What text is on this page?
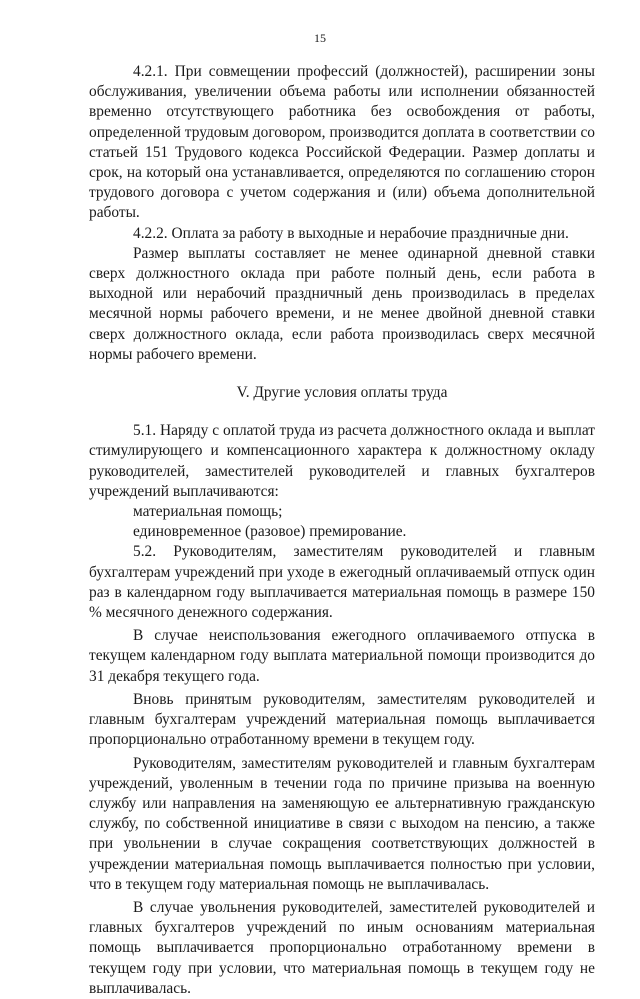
15

4.2.1. При совмещении профессий (должностей), расширении зоны обслуживания, увеличении объема работы или исполнении обязанностей временно отсутствующего работника без освобождения от работы, определенной трудовым договором, производится доплата в соответствии со статьей 151 Трудового кодекса Российской Федерации. Размер доплаты и срок, на который она устанавливается, определяются по соглашению сторон трудового договора с учетом содержания и (или) объема дополнительной работы.

4.2.2. Оплата за работу в выходные и нерабочие праздничные дни.

Размер выплаты составляет не менее одинарной дневной ставки сверх должностного оклада при работе полный день, если работа в выходной или нерабочий праздничный день производилась в пределах месячной нормы рабочего времени, и не менее двойной дневной ставки сверх должностного оклада, если работа производилась сверх месячной нормы рабочего времени.

V. Другие условия оплаты труда

5.1. Наряду с оплатой труда из расчета должностного оклада и выплат стимулирующего и компенсационного характера к должностному окладу руководителей, заместителей руководителей и главных бухгалтеров учреждений выплачиваются:

материальная помощь;

единовременное (разовое) премирование.

5.2. Руководителям, заместителям руководителей и главным бухгалтерам учреждений при уходе в ежегодный оплачиваемый отпуск один раз в календарном году выплачивается материальная помощь в размере 150 % месячного денежного содержания.

В случае неиспользования ежегодного оплачиваемого отпуска в текущем календарном году выплата материальной помощи производится до 31 декабря текущего года.

Вновь принятым руководителям, заместителям руководителей и главным бухгалтерам учреждений материальная помощь выплачивается пропорционально отработанному времени в текущем году.

Руководителям, заместителям руководителей и главным бухгалтерам учреждений, уволенным в течении года по причине призыва на военную службу или направления на заменяющую ее альтернативную гражданскую службу, по собственной инициативе в связи с выходом на пенсию, а также при увольнении в случае сокращения соответствующих должностей в учреждении материальная помощь выплачивается полностью при условии, что в текущем году материальная помощь не выплачивалась.

В случае увольнения руководителей, заместителей руководителей и главных бухгалтеров учреждений по иным основаниям материальная помощь выплачивается пропорционально отработанному времени в текущем году при условии, что материальная помощь в текущем году не выплачивалась.
